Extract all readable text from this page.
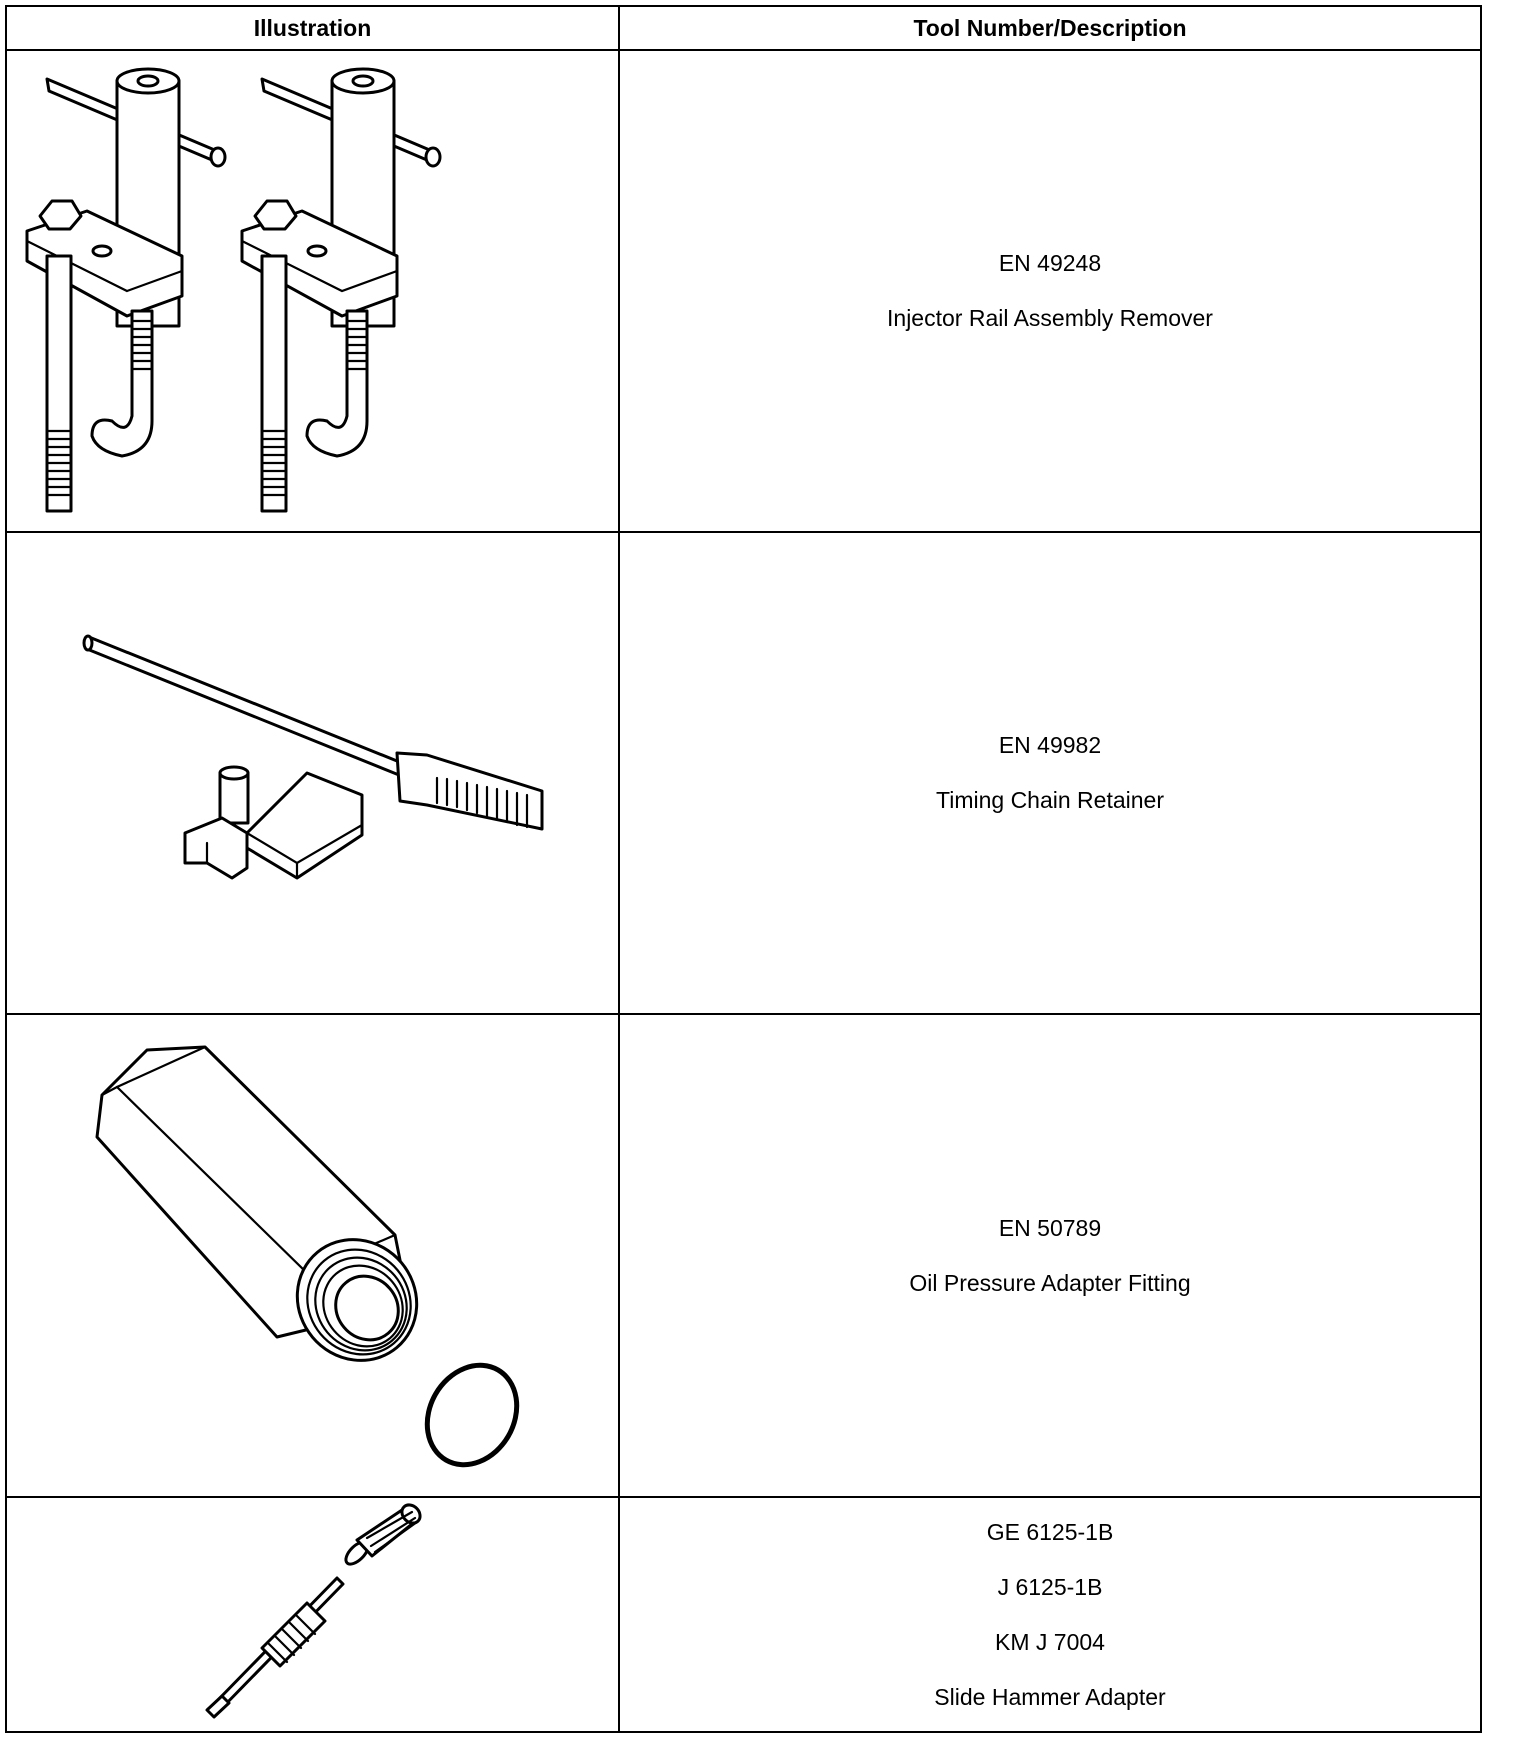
Illustration	Tool Number/Description
EN 49248
Injector Rail Assembly Remover
EN 49982
Timing Chain Retainer
EN 50789
Oil Pressure Adapter Fitting
GE 6125-1B
J 6125-1B
KM J 7004
Slide Hammer Adapter
